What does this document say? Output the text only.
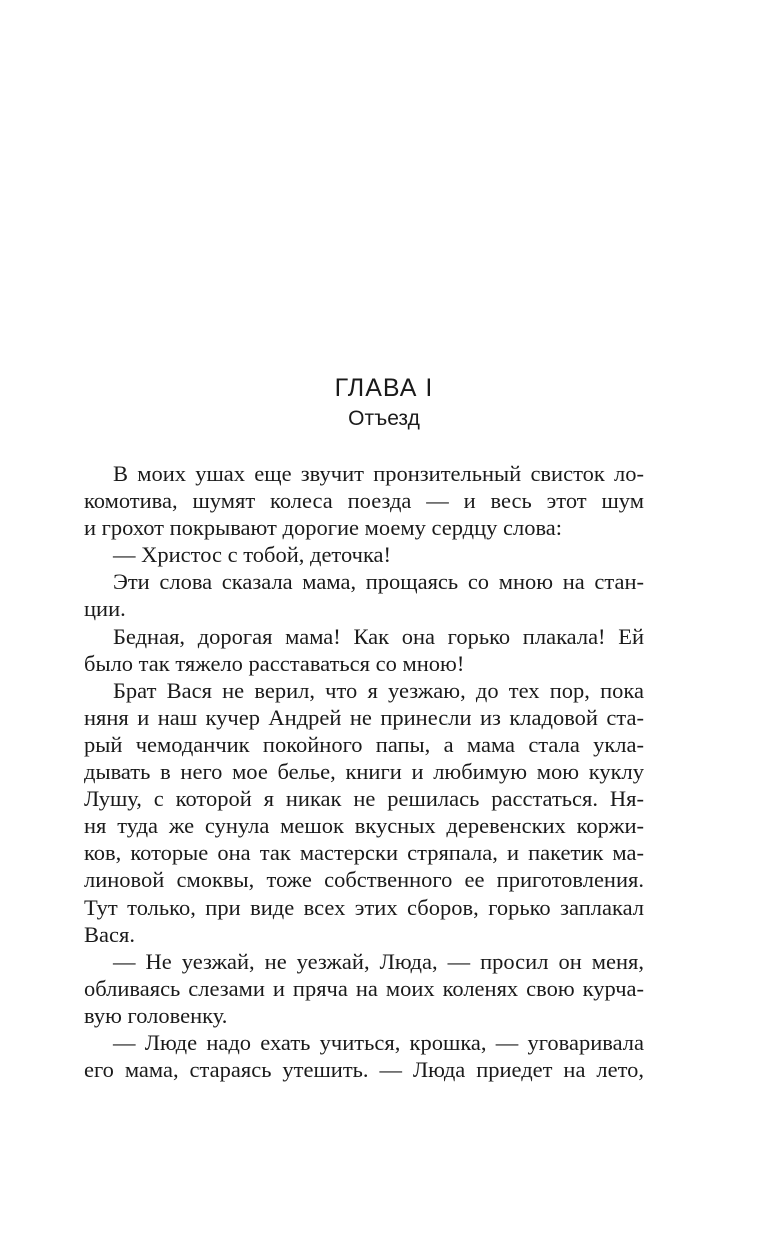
ГЛАВА I
Отъезд
В моих ушах еще звучит пронзительный свисток ло-
комотива, шумят колеса поезда — и весь этот шум
и грохот покрывают дорогие моему сердцу слова:
— Христос с тобой, деточка!
Эти слова сказала мама, прощаясь со мною на стан-
ции.
Бедная, дорогая мама! Как она горько плакала! Ей
было так тяжело расставаться со мною!
Брат Вася не верил, что я уезжаю, до тех пор, пока
няня и наш кучер Андрей не принесли из кладовой ста-
рый чемоданчик покойного папы, а мама стала укла-
дывать в него мое белье, книги и любимую мою куклу
Лушу, с которой я никак не решилась расстаться. Ня-
ня туда же сунула мешок вкусных деревенских коржи-
ков, которые она так мастерски стряпала, и пакетик ма-
линовой смоквы, тоже собственного ее приготовления.
Тут только, при виде всех этих сборов, горько заплакал
Вася.
— Не уезжай, не уезжай, Люда, — просил он меня,
обливаясь слезами и пряча на моих коленях свою курча-
вую головенку.
— Люде надо ехать учиться, крошка, — уговаривала
его мама, стараясь утешить. — Люда приедет на лето,
